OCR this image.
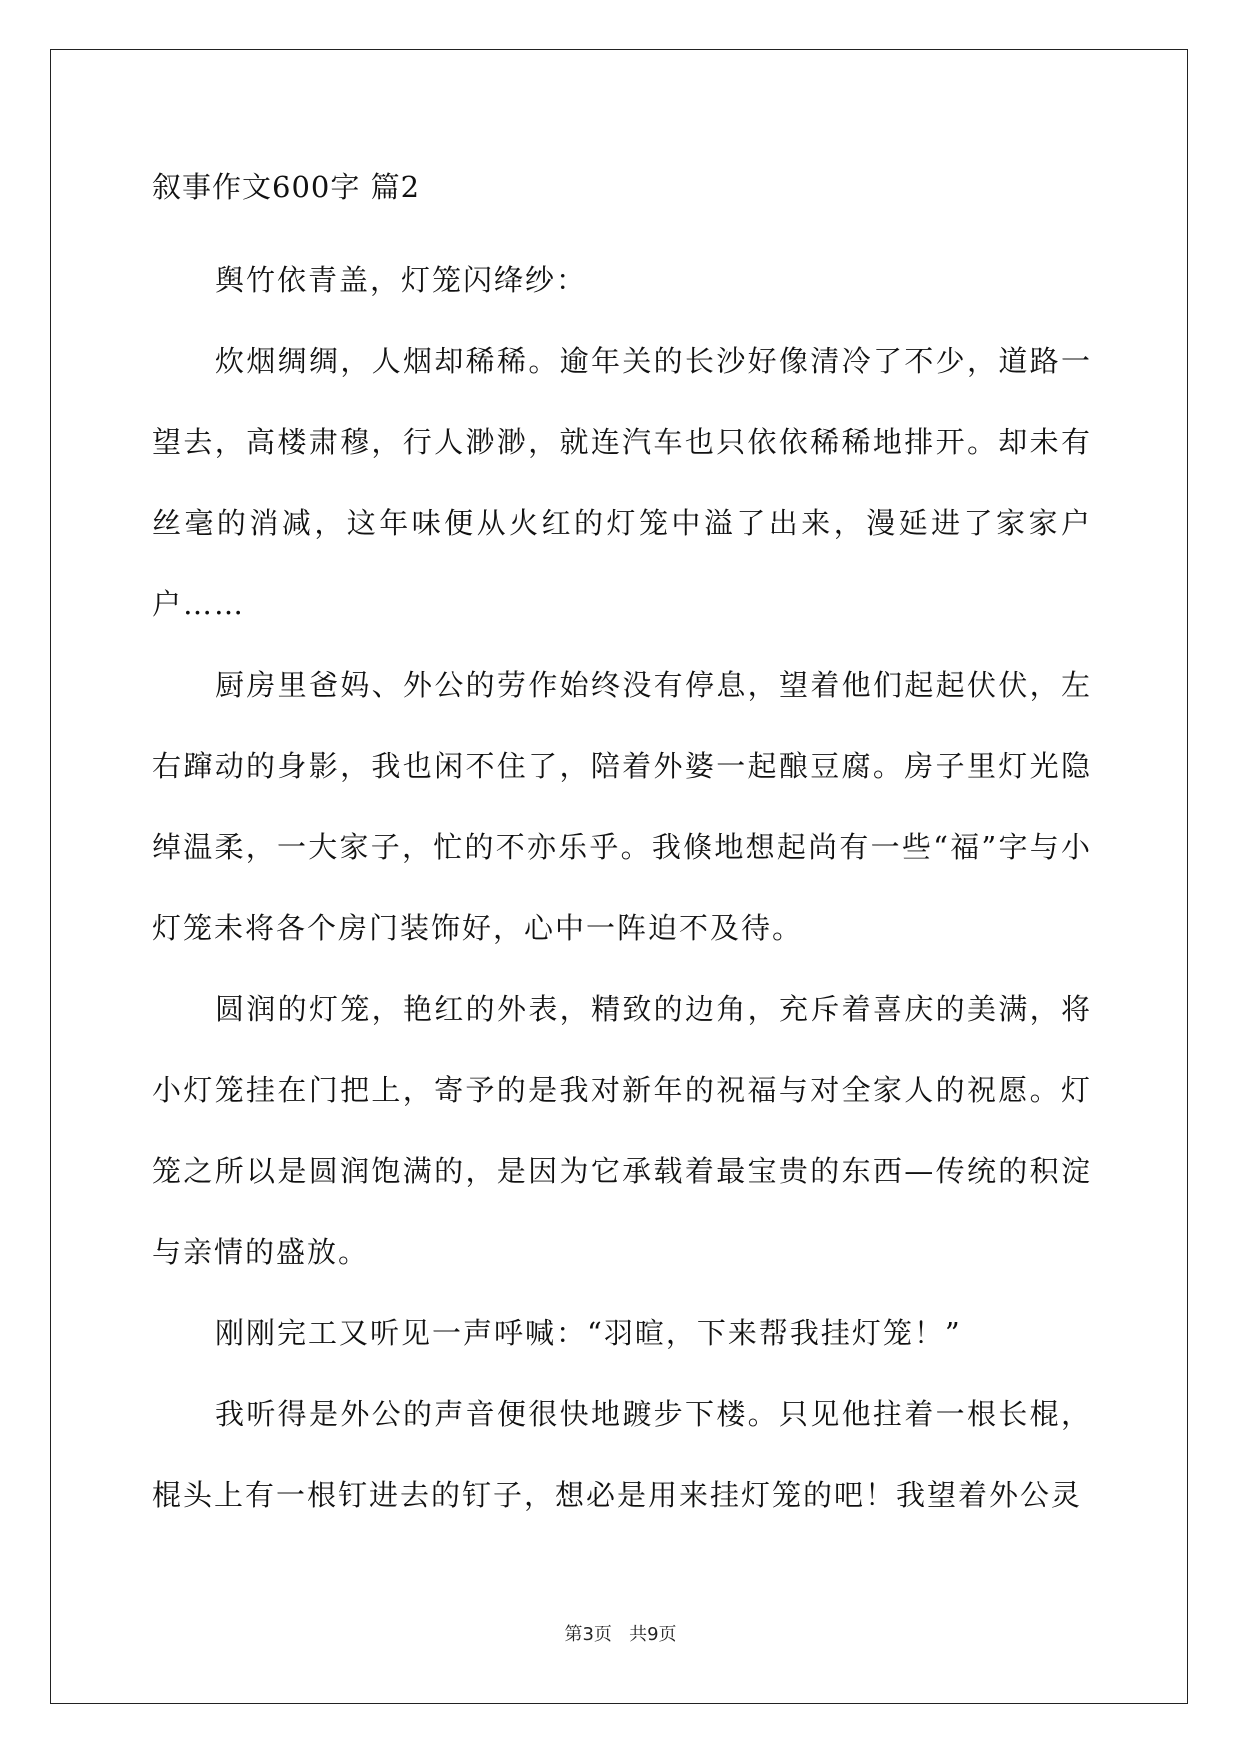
叙事作文600字 篇2

舆竹依青盖，灯笼闪绛纱：

炊烟绸绸，人烟却稀稀。逾年关的长沙好像清冷了不少，道路一望去，高楼肃穆，行人渺渺，就连汽车也只依依稀稀地排开。却未有丝毫的消减，这年味便从火红的灯笼中溢了出来，漫延进了家家户户……

厨房里爸妈、外公的劳作始终没有停息，望着他们起起伏伏，左右蹿动的身影，我也闲不住了，陪着外婆一起酿豆腐。房子里灯光隐绰温柔，一大家子，忙的不亦乐乎。我倏地想起尚有一些“福”字与小灯笼未将各个房门装饰好，心中一阵迫不及待。

圆润的灯笼，艳红的外表，精致的边角，充斥着喜庆的美满，将小灯笼挂在门把上，寄予的是我对新年的祝福与对全家人的祝愿。灯笼之所以是圆润饱满的，是因为它承载着最宝贵的东西—传统的积淀与亲情的盛放。

刚刚完工又听见一声呼喊：“羽暄，下来帮我挂灯笼！”

我听得是外公的声音便很快地踱步下楼。只见他拄着一根长棍，棍头上有一根钉进去的钉子，想必是用来挂灯笼的吧！我望着外公灵

第3页   共9页
